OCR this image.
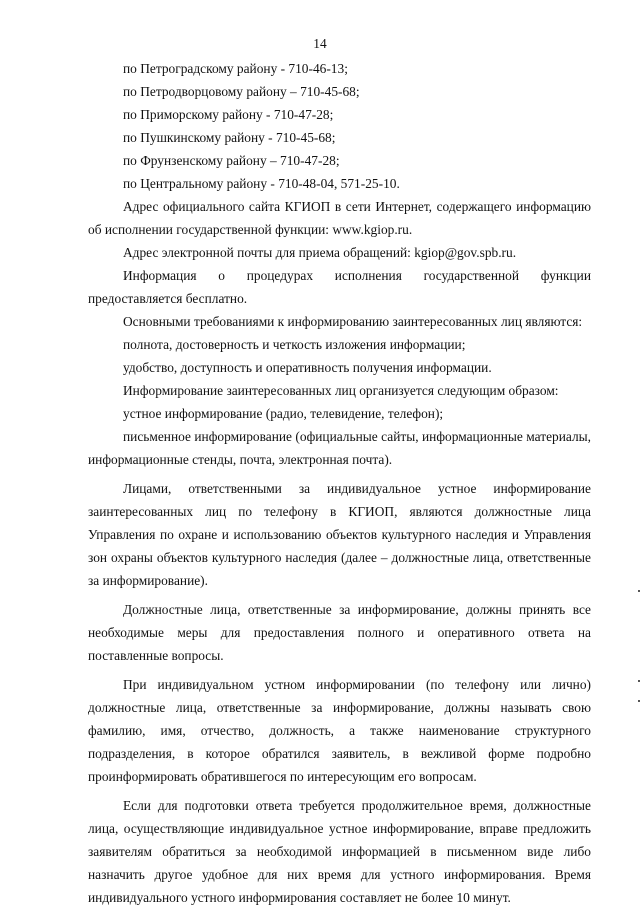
14

по Петроградскому району - 710-46-13;

по Петродворцовому району – 710-45-68;

по Приморскому району - 710-47-28;

по Пушкинскому району - 710-45-68;

по Фрунзенскому району – 710-47-28;

по Центральному району - 710-48-04, 571-25-10.

Адрес официального сайта КГИОП в сети Интернет, содержащего информацию об исполнении государственной функции: www.kgiop.ru.

Адрес электронной почты для приема обращений: kgiop@gov.spb.ru.

Информация о процедурах исполнения государственной функции предоставляется бесплатно.

Основными требованиями к информированию заинтересованных лиц являются:

полнота, достоверность и четкость изложения информации;

удобство, доступность и оперативность получения информации.

Информирование заинтересованных лиц организуется следующим образом:

устное информирование (радио, телевидение, телефон);

письменное информирование (официальные сайты, информационные материалы, информационные стенды, почта, электронная почта).

Лицами, ответственными за индивидуальное устное информирование заинтересованных лиц по телефону в КГИОП, являются должностные лица Управления по охране и использованию объектов культурного наследия и Управления зон охраны объектов культурного наследия (далее – должностные лица, ответственные за информирование).

Должностные лица, ответственные за информирование, должны принять все необходимые меры для предоставления полного и оперативного ответа на поставленные вопросы.

При индивидуальном устном информировании (по телефону или лично) должностные лица, ответственные за информирование, должны называть свою фамилию, имя, отчество, должность, а также наименование структурного подразделения, в которое обратился заявитель, в вежливой форме подробно проинформировать обратившегося по интересующим его вопросам.

Если для подготовки ответа требуется продолжительное время, должностные лица, осуществляющие индивидуальное устное информирование, вправе предложить заявителям обратиться за необходимой информацией в письменном виде либо назначить другое удобное для них время для устного информирования. Время индивидуального устного информирования составляет не более 10 минут.
